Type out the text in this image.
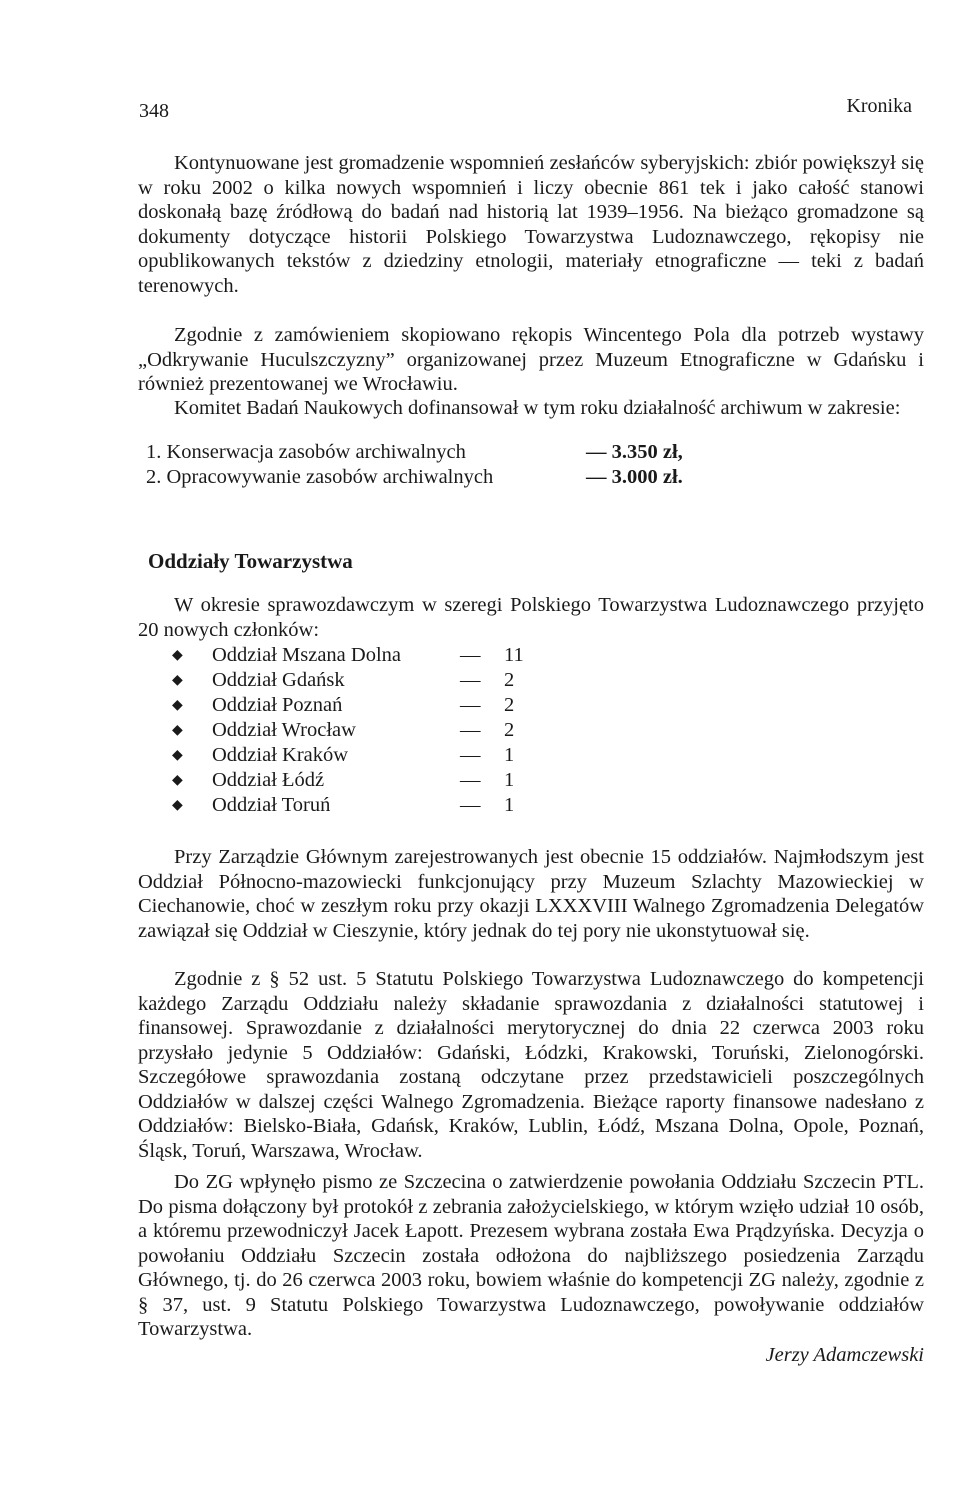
348	Kronika

Kontynuowane jest gromadzenie wspomnień zesłańców syberyjskich: zbiór powiększył się w roku 2002 o kilka nowych wspomnień i liczy obecnie 861 tek i jako całość stanowi doskonałą bazę źródłową do badań nad historią lat 1939–1956. Na bieżąco gromadzone są dokumenty dotyczące historii Polskiego Towarzystwa Ludoznawczego, rękopisy nie opublikowanych tekstów z dziedziny etnologii, materiały etnograficzne — teki z badań terenowych.

Zgodnie z zamówieniem skopiowano rękopis Wincentego Pola dla potrzeb wystawy „Odkrywanie Huculszczyzny” organizowanej przez Muzeum Etnograficzne w Gdańsku i również prezentowanej we Wrocławiu.

Komitet Badań Naukowych dofinansował w tym roku działalność archiwum w zakresie:

1. Konserwacja zasobów archiwalnych	— 3.350 zł,
2. Opracowywanie zasobów archiwalnych	— 3.000 zł.
Oddziały Towarzystwa

W okresie sprawozdawczym w szeregi Polskiego Towarzystwa Ludoznawczego przyjęto 20 nowych członków:

◆ Oddział Mszana Dolna	— 11
◆ Oddział Gdańsk	— 2
◆ Oddział Poznań	— 2
◆ Oddział Wrocław	— 2
◆ Oddział Kraków	— 1
◆ Oddział Łódź	— 1
◆ Oddział Toruń	— 1

Przy Zarządzie Głównym zarejestrowanych jest obecnie 15 oddziałów. Najmłodszym jest Oddział Północno-mazowiecki funkcjonujący przy Muzeum Szlachty Mazowieckiej w Ciechanowie, choć w zeszłym roku przy okazji LXXXVIII Walnego Zgromadzenia Delegatów zawiązał się Oddział w Cieszynie, który jednak do tej pory nie ukonstytuował się.

Zgodnie z § 52 ust. 5 Statutu Polskiego Towarzystwa Ludoznawczego do kompetencji każdego Zarządu Oddziału należy składanie sprawozdania z działalności statutowej i finansowej. Sprawozdanie z działalności merytorycznej do dnia 22 czerwca 2003 roku przysłało jedynie 5 Oddziałów: Gdański, Łódzki, Krakowski, Toruński, Zielonogórski. Szczegółowe sprawozdania zostaną odczytane przez przedstawicieli poszczególnych Oddziałów w dalszej części Walnego Zgromadzenia. Bieżące raporty finansowe nadesłano z Oddziałów: Bielsko-Biała, Gdańsk, Kraków, Lublin, Łódź, Mszana Dolna, Opole, Poznań, Śląsk, Toruń, Warszawa, Wrocław.

Do ZG wpłynęło pismo ze Szczecina o zatwierdzenie powołania Oddziału Szczecin PTL. Do pisma dołączony był protokół z zebrania założycielskiego, w którym wzięło udział 10 osób, a któremu przewodniczył Jacek Łapott. Prezesem wybrana została Ewa Prądzyńska. Decyzja o powołaniu Oddziału Szczecin została odłożona do najbliższego posiedzenia Zarządu Głównego, tj. do 26 czerwca 2003 roku, bowiem właśnie do kompetencji ZG należy, zgodnie z § 37, ust. 9 Statutu Polskiego Towarzystwa Ludoznawczego, powoływanie oddziałów Towarzystwa.

Jerzy Adamczewski
